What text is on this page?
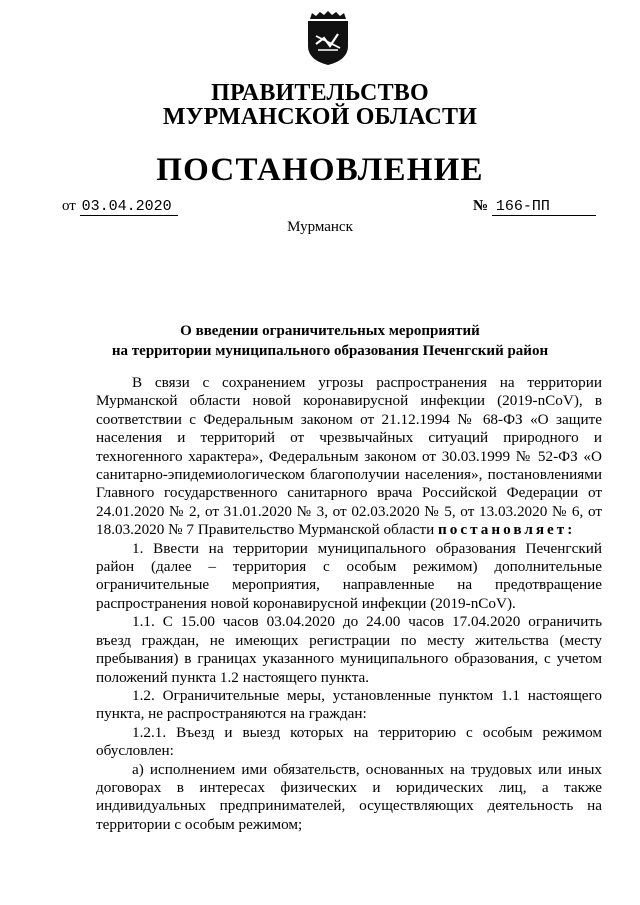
ПРАВИТЕЛЬСТВО
МУРМАНСКОЙ ОБЛАСТИ
ПОСТАНОВЛЕНИЕ
от 03.04.2020	№ 166-ПП
Мурманск
О введении ограничительных мероприятий
на территории муниципального образования Печенгский район

В связи с сохранением угрозы распространения на территории Мурманской области новой коронавирусной инфекции (2019-nCoV), в соответствии с Федеральным законом от 21.12.1994 № 68-ФЗ «О защите населения и территорий от чрезвычайных ситуаций природного и техногенного характера», Федеральным законом от 30.03.1999 № 52-ФЗ «О санитарно-эпидемиологическом благополучии населения», постановлениями Главного государственного санитарного врача Российской Федерации от 24.01.2020 № 2, от 31.01.2020 № 3, от 02.03.2020 № 5, от 13.03.2020 № 6, от 18.03.2020 № 7 Правительство Мурманской области постановляет:

1. Ввести на территории муниципального образования Печенгский район (далее – территория с особым режимом) дополнительные ограничительные мероприятия, направленные на предотвращение распространения новой коронавирусной инфекции (2019-nCoV).

1.1. С 15.00 часов 03.04.2020 до 24.00 часов 17.04.2020 ограничить въезд граждан, не имеющих регистрации по месту жительства (месту пребывания) в границах указанного муниципального образования, с учетом положений пункта 1.2 настоящего пункта.

1.2. Ограничительные меры, установленные пунктом 1.1 настоящего пункта, не распространяются на граждан:

1.2.1. Въезд и выезд которых на территорию с особым режимом обусловлен:

а) исполнением ими обязательств, основанных на трудовых или иных договорах в интересах физических и юридических лиц, а также индивидуальных предпринимателей, осуществляющих деятельность на территории с особым режимом;
